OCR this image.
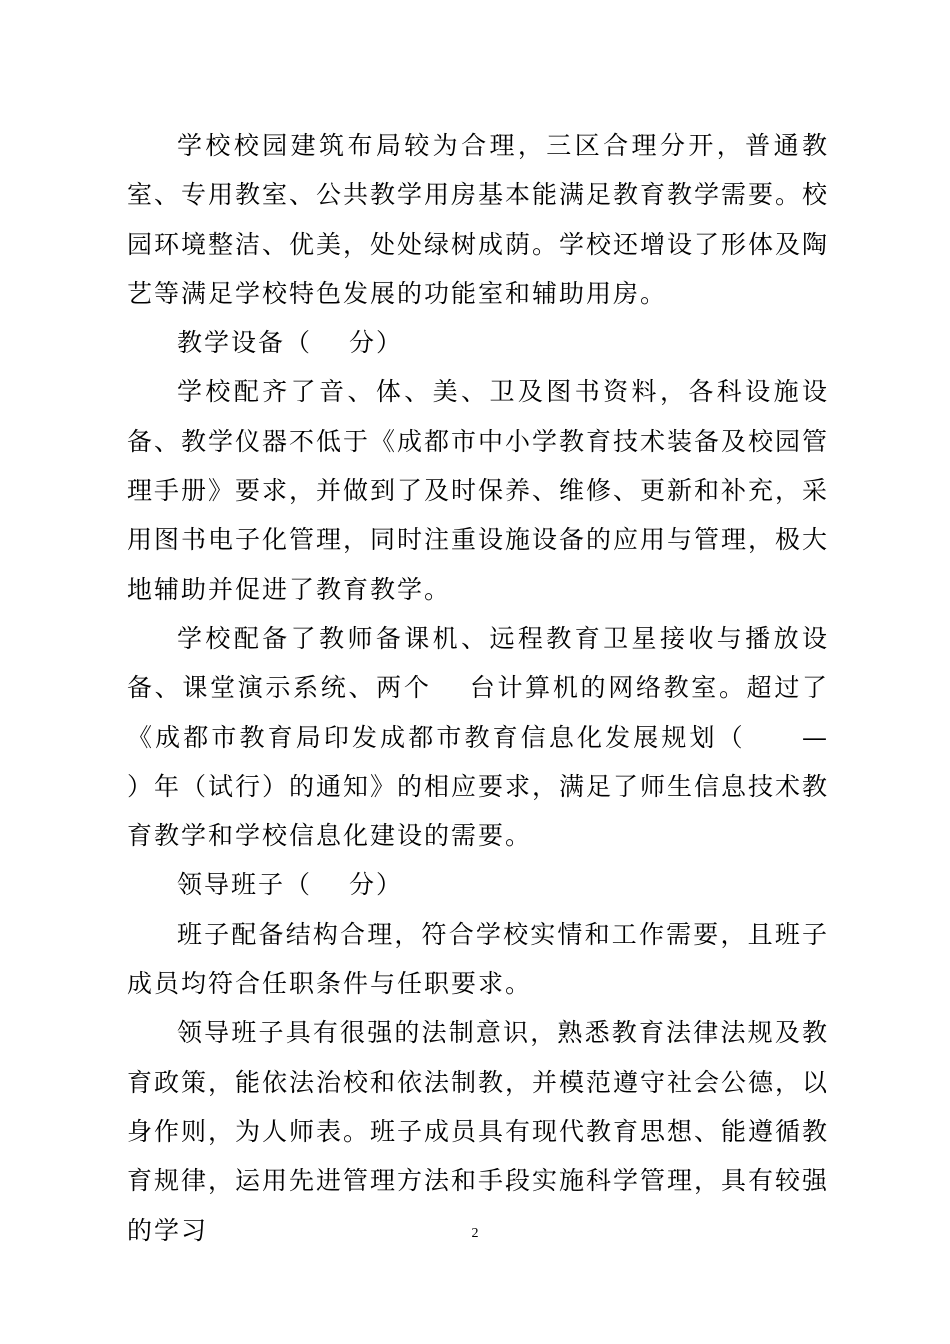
学校校园建筑布局较为合理，三区合理分开，普通教室、专用教室、公共教学用房基本能满足教育教学需要。校园环境整洁、优美，处处绿树成荫。学校还增设了形体及陶艺等满足学校特色发展的功能室和辅助用房。

教学设备（　 分）

学校配齐了音、体、美、卫及图书资料，各科设施设备、教学仪器不低于《成都市中小学教育技术装备及校园管理手册》要求，并做到了及时保养、维修、更新和补充，采用图书电子化管理，同时注重设施设备的应用与管理，极大地辅助并促进了教育教学。

学校配备了教师备课机、远程教育卫星接收与播放设备、课堂演示系统、两个　 台计算机的网络教室。超过了《成都市教育局印发成都市教育信息化发展规划（　　—　　）年（试行）的通知》的相应要求，满足了师生信息技术教育教学和学校信息化建设的需要。

领导班子（　 分）

班子配备结构合理，符合学校实情和工作需要，且班子成员均符合任职条件与任职要求。

领导班子具有很强的法制意识，熟悉教育法律法规及教育政策，能依法治校和依法制教，并模范遵守社会公德，以身作则，为人师表。班子成员具有现代教育思想、能遵循教育规律，运用先进管理方法和手段实施科学管理，具有较强的学习	2
